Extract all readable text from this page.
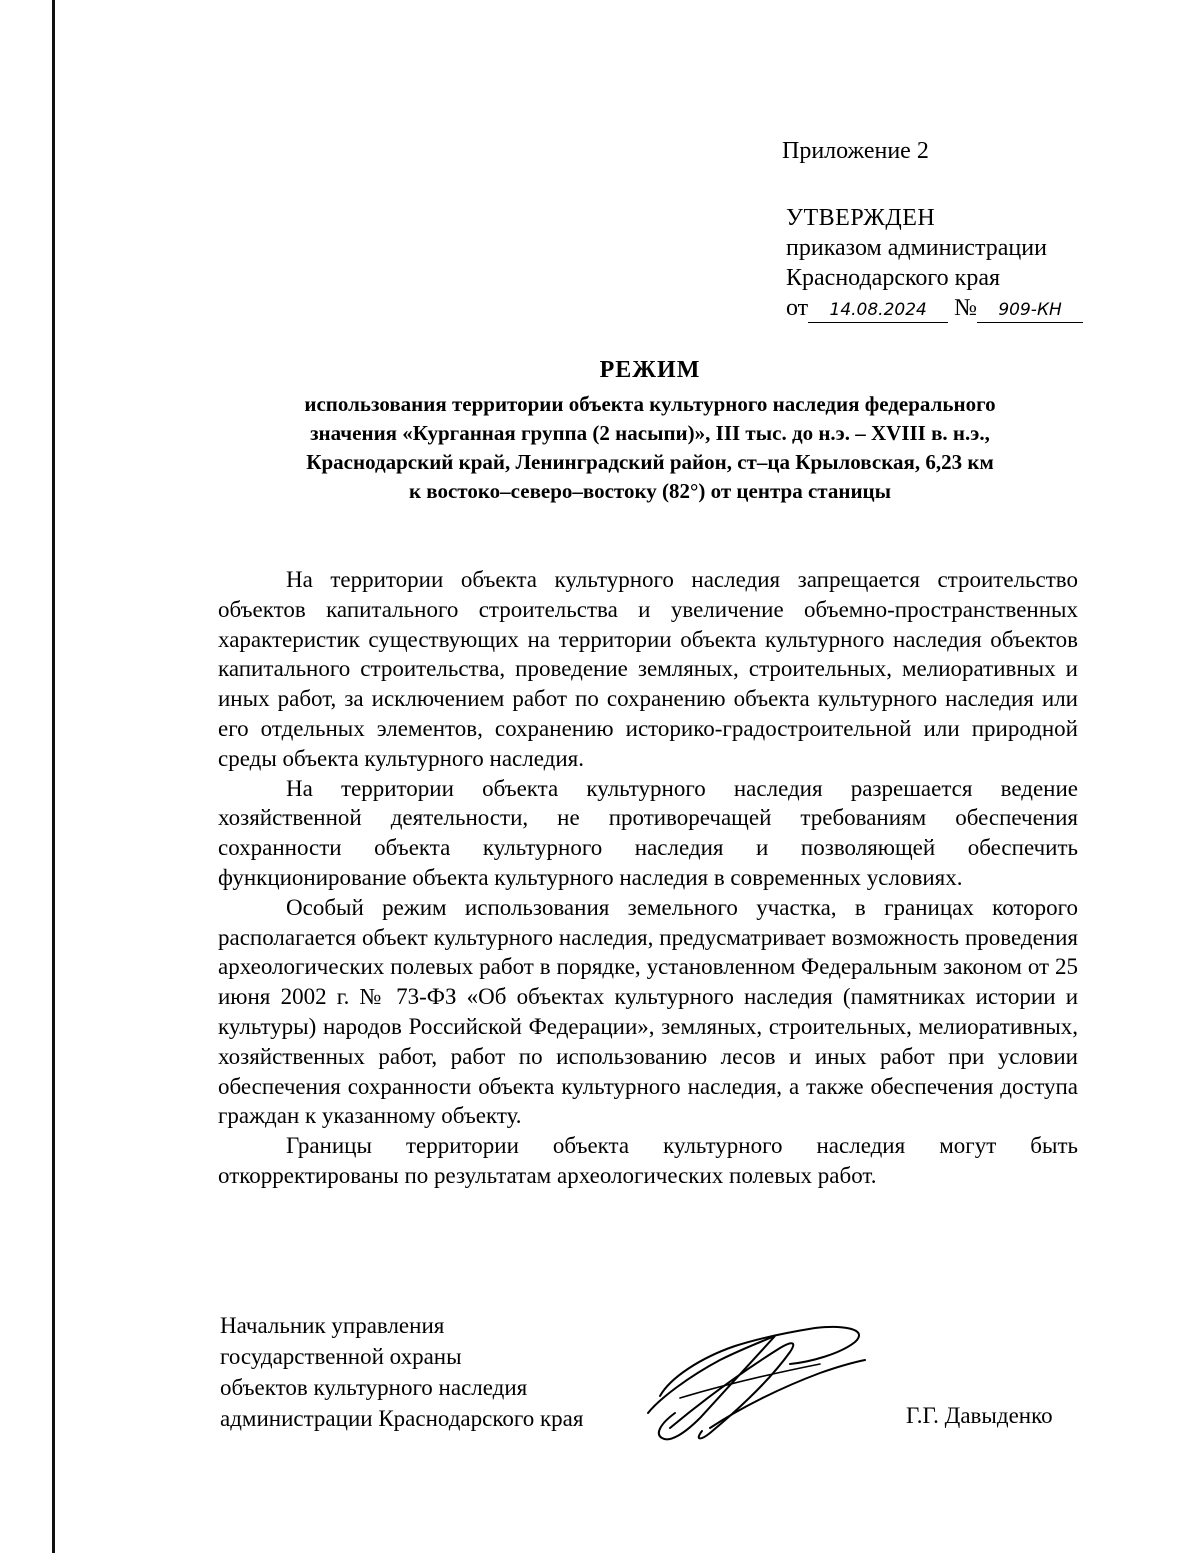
Приложение 2
УТВЕРЖДЕН
приказом администрации
Краснодарского края
от 14.08.2024 № 909-КН
РЕЖИМ
использования территории объекта культурного наследия федерального
значения «Курганная группа (2 насыпи)», III тыс. до н.э. – XVIII в. н.э.,
Краснодарский край, Ленинградский район, ст–ца Крыловская, 6,23 км
к востоко–северо–востоку (82°) от центра станицы

На территории объекта культурного наследия запрещается строительство объектов капитального строительства и увеличение объемно-пространственных характеристик существующих на территории объекта культурного наследия объектов капитального строительства, проведение земляных, строительных, мелиоративных и иных работ, за исключением работ по сохранению объекта культурного наследия или его отдельных элементов, сохранению историко-градостроительной или природной среды объекта культурного наследия.

На территории объекта культурного наследия разрешается ведение хозяйственной деятельности, не противоречащей требованиям обеспечения сохранности объекта культурного наследия и позволяющей обеспечить функционирование объекта культурного наследия в современных условиях.

Особый режим использования земельного участка, в границах которого располагается объект культурного наследия, предусматривает возможность проведения археологических полевых работ в порядке, установленном Федеральным законом от 25 июня 2002 г. № 73-ФЗ «Об объектах культурного наследия (памятниках истории и культуры) народов Российской Федерации», земляных, строительных, мелиоративных, хозяйственных работ, работ по использованию лесов и иных работ при условии обеспечения сохранности объекта культурного наследия, а также обеспечения доступа граждан к указанному объекту.

Границы территории объекта культурного наследия могут быть откорректированы по результатам археологических полевых работ.

Начальник управления
государственной охраны
объектов культурного наследия
администрации Краснодарского края	Г.Г. Давыденко
